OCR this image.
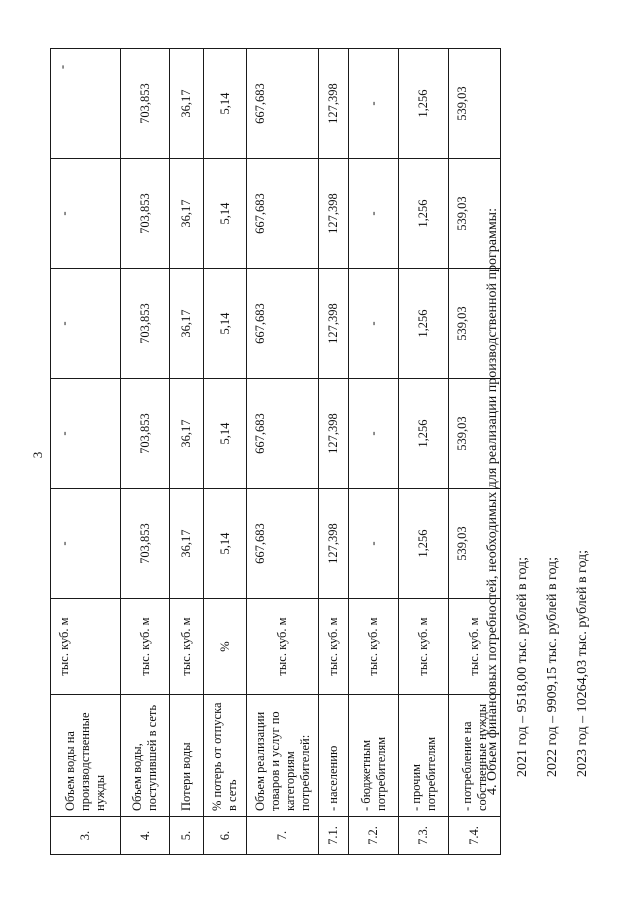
3
3.	Объем воды на производственные нужды	тыс. куб. м	-	-	-	-	-
4.	Объем воды, поступившей в сеть	тыс. куб. м	703,853	703,853	703,853	703,853	703,853
5.	Потери воды	тыс. куб. м	36,17	36,17	36,17	36,17	36,17
6.	% потерь от отпуска в сеть	%	5,14	5,14	5,14	5,14	5,14
7.	Объем реализации товаров и услуг по категориям потребителей:	тыс. куб. м	667,683	667,683	667,683	667,683	667,683
7.1.	- населению	тыс. куб. м	127,398	127,398	127,398	127,398	127,398
7.2.	- бюджетным потребителям	тыс. куб. м	-	-	-	-	-
7.3.	- прочим потребителям	тыс. куб. м	1,256	1,256	1,256	1,256	1,256
7.4.	- потребление на собственные нужды	тыс. куб. м	539,03	539,03	539,03	539,03	539,03

4. Объем финансовых потребностей, необходимых для реализации производственной программы:	2021 год – 9518,00 тыс. рублей в год;	2022 год – 9909,15 тыс. рублей в год;	2023 год – 10264,03 тыс. рублей в год;
